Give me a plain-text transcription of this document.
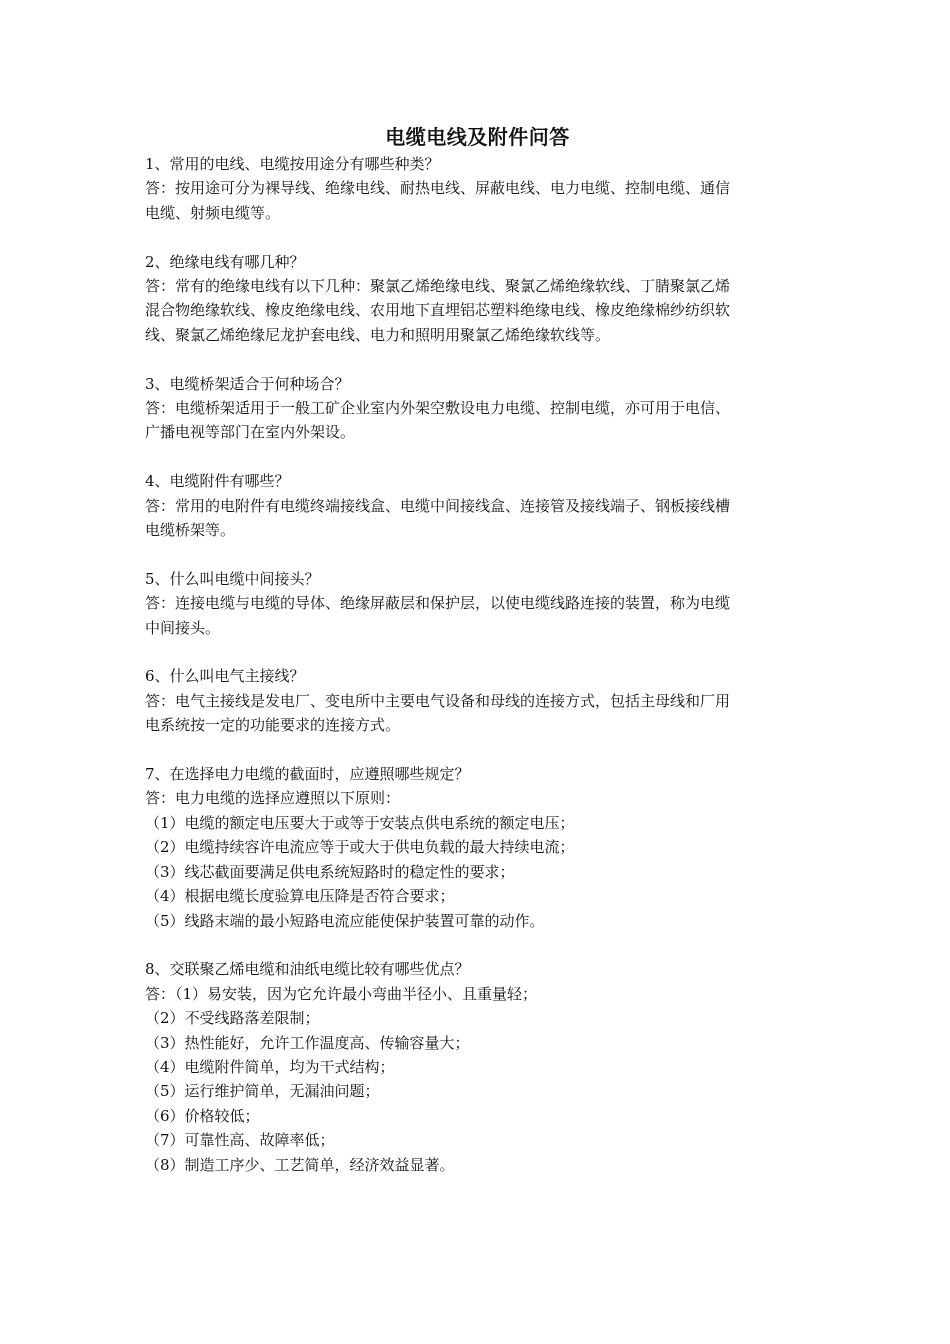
电缆电线及附件问答
1、常用的电线、电缆按用途分有哪些种类？
答：按用途可分为裸导线、绝缘电线、耐热电线、屏蔽电线、电力电缆、控制电缆、通信
电缆、射频电缆等。
2、绝缘电线有哪几种？
答：常有的绝缘电线有以下几种：聚氯乙烯绝缘电线、聚氯乙烯绝缘软线、丁腈聚氯乙烯
混合物绝缘软线、橡皮绝缘电线、农用地下直埋铝芯塑料绝缘电线、橡皮绝缘棉纱纺织软
线、聚氯乙烯绝缘尼龙护套电线、电力和照明用聚氯乙烯绝缘软线等。
3、电缆桥架适合于何种场合？
答：电缆桥架适用于一般工矿企业室内外架空敷设电力电缆、控制电缆，亦可用于电信、
广播电视等部门在室内外架设。
4、电缆附件有哪些？
答：常用的电附件有电缆终端接线盒、电缆中间接线盒、连接管及接线端子、钢板接线槽
电缆桥架等。
5、什么叫电缆中间接头？
答：连接电缆与电缆的导体、绝缘屏蔽层和保护层，以使电缆线路连接的装置，称为电缆
中间接头。
6、什么叫电气主接线？
答：电气主接线是发电厂、变电所中主要电气设备和母线的连接方式，包括主母线和厂用
电系统按一定的功能要求的连接方式。
7、在选择电力电缆的截面时，应遵照哪些规定？
答：电力电缆的选择应遵照以下原则：
（1）电缆的额定电压要大于或等于安装点供电系统的额定电压；
（2）电缆持续容许电流应等于或大于供电负载的最大持续电流；
（3）线芯截面要满足供电系统短路时的稳定性的要求；
（4）根据电缆长度验算电压降是否符合要求；
（5）线路末端的最小短路电流应能使保护装置可靠的动作。
8、交联聚乙烯电缆和油纸电缆比较有哪些优点？
答：（1）易安装，因为它允许最小弯曲半径小、且重量轻；
（2）不受线路落差限制；
（3）热性能好，允许工作温度高、传输容量大；
（4）电缆附件简单，均为干式结构；
（5）运行维护简单，无漏油问题；
（6）价格较低；
（7）可靠性高、故障率低；
（8）制造工序少、工艺简单，经济效益显著。
